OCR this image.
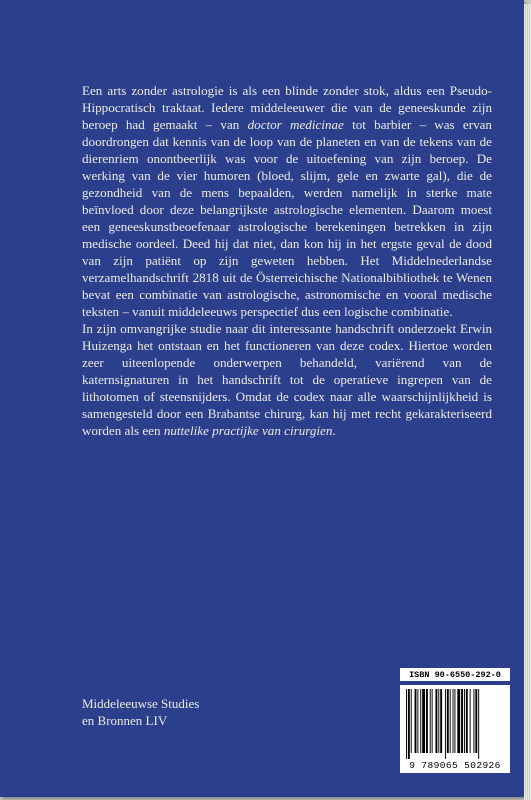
Een arts zonder astrologie is als een blinde zonder stok, aldus een Pseudo-Hippocratisch traktaat. Iedere middeleeuwer die van de geneeskunde zijn beroep had gemaakt – van doctor medicinae tot barbier – was ervan doordrongen dat kennis van de loop van de planeten en van de tekens van de dierenriem onontbeerlijk was voor de uitoefening van zijn beroep. De werking van de vier humoren (bloed, slijm, gele en zwarte gal), die de gezondheid van de mens bepaalden, werden namelijk in sterke mate beïnvloed door deze belangrijkste astrologische elementen. Daarom moest een geneeskunstbeoefenaar astrologische berekeningen betrekken in zijn medische oordeel. Deed hij dat niet, dan kon hij in het ergste geval de dood van zijn patiënt op zijn geweten hebben. Het Middelnederlandse verzamelhandschrift 2818 uit de Österreichische Nationalbibliothek te Wenen bevat een combinatie van astrologische, astronomische en vooral medische teksten – vanuit middeleeuws perspectief dus een logische combinatie.

In zijn omvangrijke studie naar dit interessante handschrift onderzoekt Erwin Huizenga het ontstaan en het functioneren van deze codex. Hiertoe worden zeer uiteenlopende onderwerpen behandeld, variërend van de katernsignaturen in het handschrift tot de operatieve ingrepen van de lithotomen of steensnijders. Omdat de codex naar alle waarschijnlijkheid is samengesteld door een Brabantse chirurg, kan hij met recht gekarakteriseerd worden als een nuttelike practijke van cirurgien.

Middeleeuwse Studies
en Bronnen LIV
ISBN 90-6550-292-0
9 789065 502926
